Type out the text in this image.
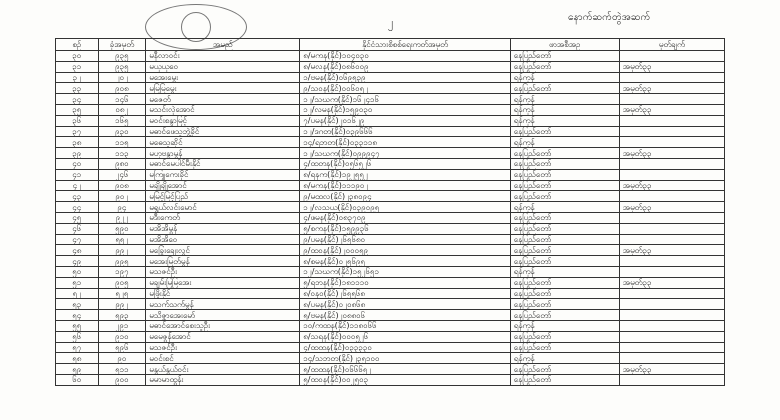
၂	နောက်ဆက်တွဲအဆက်
စဥ်	ခုံအမှတ်	အမည်	နိုင်ငံသားစိစစ်ရေးကတ်အမှတ်	ဖာအစီအဥ	မှတ်ချက်
၃၀	၉၃၅	မနီလာဝင်း	၈/မကန(နိုင်)၁၀၄၀၃၀	နေပြည်တော်	
၃၁	၉၃၅	မယုယုဝေ	၈/မလန(နိုင်)၀၈၆၀၀၉	နေပြည်တော်	အမှတ်၃၃
၃၂	၂၀၂	မအေးမွေး	၁/ဗမန(နိုင်)၀၆၉၅၃၉	ရန်ကုန်	
၃၃	၉၀၈	မမြမြမွေး	၉/သဝန(နိုင်)၀၀၆၀၅၂	နေပြည်တော်	အမှတ်၃၃
၃၄	၁၄၆	မဇေတ်	၁၂/သဃက(နိုင်)၁၆၂၄၁၆	ရန်ကုန်	
၃၅	၀၈၂	မသင်းလှဲအောင်	၁၂/လမန(နိုင်)၁၅၉၀၃၀	ရန်ကုန်	အမှတ်၃၃
၃၆	၁၆၅	မဝင်းစန္ဒာမြင့်	၇/ပမန(နိုင်)၂၀၁၆၂၉	ရန်ကုန်	
၃၇	၉၃၀	မဓာင်ဖေသူဘွဲ့ခိုင်	၁၂/ဒဂတ(နိုင်)၀၃၉၆၆၆	နေပြည်တော်	
၃၈	၁၁၅	မဓေသူဆိုင်	၁၄/ရဘတ(နိုင်)၀၃၃၁၁၈	ရန်ကုန်	
၃၉	၁၁၃	မဟုဗန္ဒာမွန်	၁၂/သဃက(နိုင်)၀၉၉၉၄၇	နေပြည်တော်	အမှတ်၃၃
၄၀	၉၈၀	မဓာင်မေပါင်မီးနိုင်	၄/ထတန(နိုင်)၀၅၆၅၂၆	နေပြည်တော်	
၄၁	၂၄၆	မကြူကေးခိုင်	၈/ရနက(နိုင်)၁၉၂၅၅၂	နေပြည်တော်	
၄၂	၉၀၈	မချိုချိုအောင်	၈/မကန(နိုင်)၁၁၁၉၀၂	နေပြည်တော်	အမှတ်၃၃
၄၃	၉၀၂	မမြင့်မြင့်ပြည်	၉/မထလ(နိုင်)၂၃၈၀၉၄	နေပြည်တော်	
၄၄	၉၄	မရွယ်လင်းမောင်	၁၂/လသယ(နိုင်)၀၃၉၀၉၅	ရန်ကုန်	အမှတ်၃၃
၄၅	၉၂၂	မဒီးကေတ်	၄/ဖမန(နိုင်)၀၈၃၇၀၉	နေပြည်တော်	
၄၆	၅၉၀	မအိအိမွန်	၅/စကန(နိုင်)၁၅၉၉၃၆	နေပြည်တော်	
၄၇	၅၅၂	မအိအိဝေ	၉/ပမန(နိုင်)၂၆၅၆၈၀	နေပြည်တော်	
၄၈	၉၉၂	မခြွေးချေးလွင်	၉/ထဝန(နိုင်)၂၀၀၀၅၉	နေပြည်တော်	အမှတ်၃၃
၄၉	၉၉၅	မအေးမြတ်မွန်	၈/စမန(နိုင်)၀၂၅၆၉၅	နေပြည်တော်	
၅၀	၁၉၇	မသဇင်ဦး	၁၂/သဃက(နိုင်)၁၅၂၆၅၁	ရန်ကုန်	
၅၁	၉၀၅	မချမ်းမြမြအေး	၅/ရဘန(နိုင်)၁၈၁၁၁၀	နေပြည်တော်	အမှတ်၃၃
၅၂	၅၂၅	မဖြိုးနိုင်	၈/ဝနဝ(နိုင်)၂၆၅၅၆၈	နေပြည်တော်	
၅၃	၉၉၂	မသက်သက်မွန်	၈/ပမန(နိုင်)၀၂၀၈၆၈	နေပြည်တော်	
၅၄	၅၉၃	မသိဇ္ဇာအေးမော်	၅/ဗမန(နိုင်)၂၀၈၈၀၆	နေပြည်တော်	
၅၅	၂၉၁	မဓာင်အောင်စေးသူဦး	၁၀/ကထန(နိုင်)၁၁၈၀၆၆	ရန်ကုန်	
၅၆	၉၁၀	မမေဇွန်အောင်	၈/သရန(နိုင်)၀၀၀၅၂၆	နေပြည်တော်	
၅၇	၅၉၆	မသဇင်ဦး	၄/ထထန(နိုင်)၀၃၃၃၃၀	နေပြည်တော်	
၅၈	၉၀	မဝင်းစင်	၁၄/သဘတ(နိုင်)၂၃၅၁၀၀	ရန်ကုန်	
၅၉	၅၁၁	မနွယ်နွယ်ဝင်း	၅/ထထန(နိုင်)၀၆၆၆၅၂	နေပြည်တော်	အမှတ်၃၃
၆၀	၉၀၀	မမာမာထွန်း	၅/ထဝန(နိုင်)၀၀၂၅၀၃	နေပြည်တော်	
